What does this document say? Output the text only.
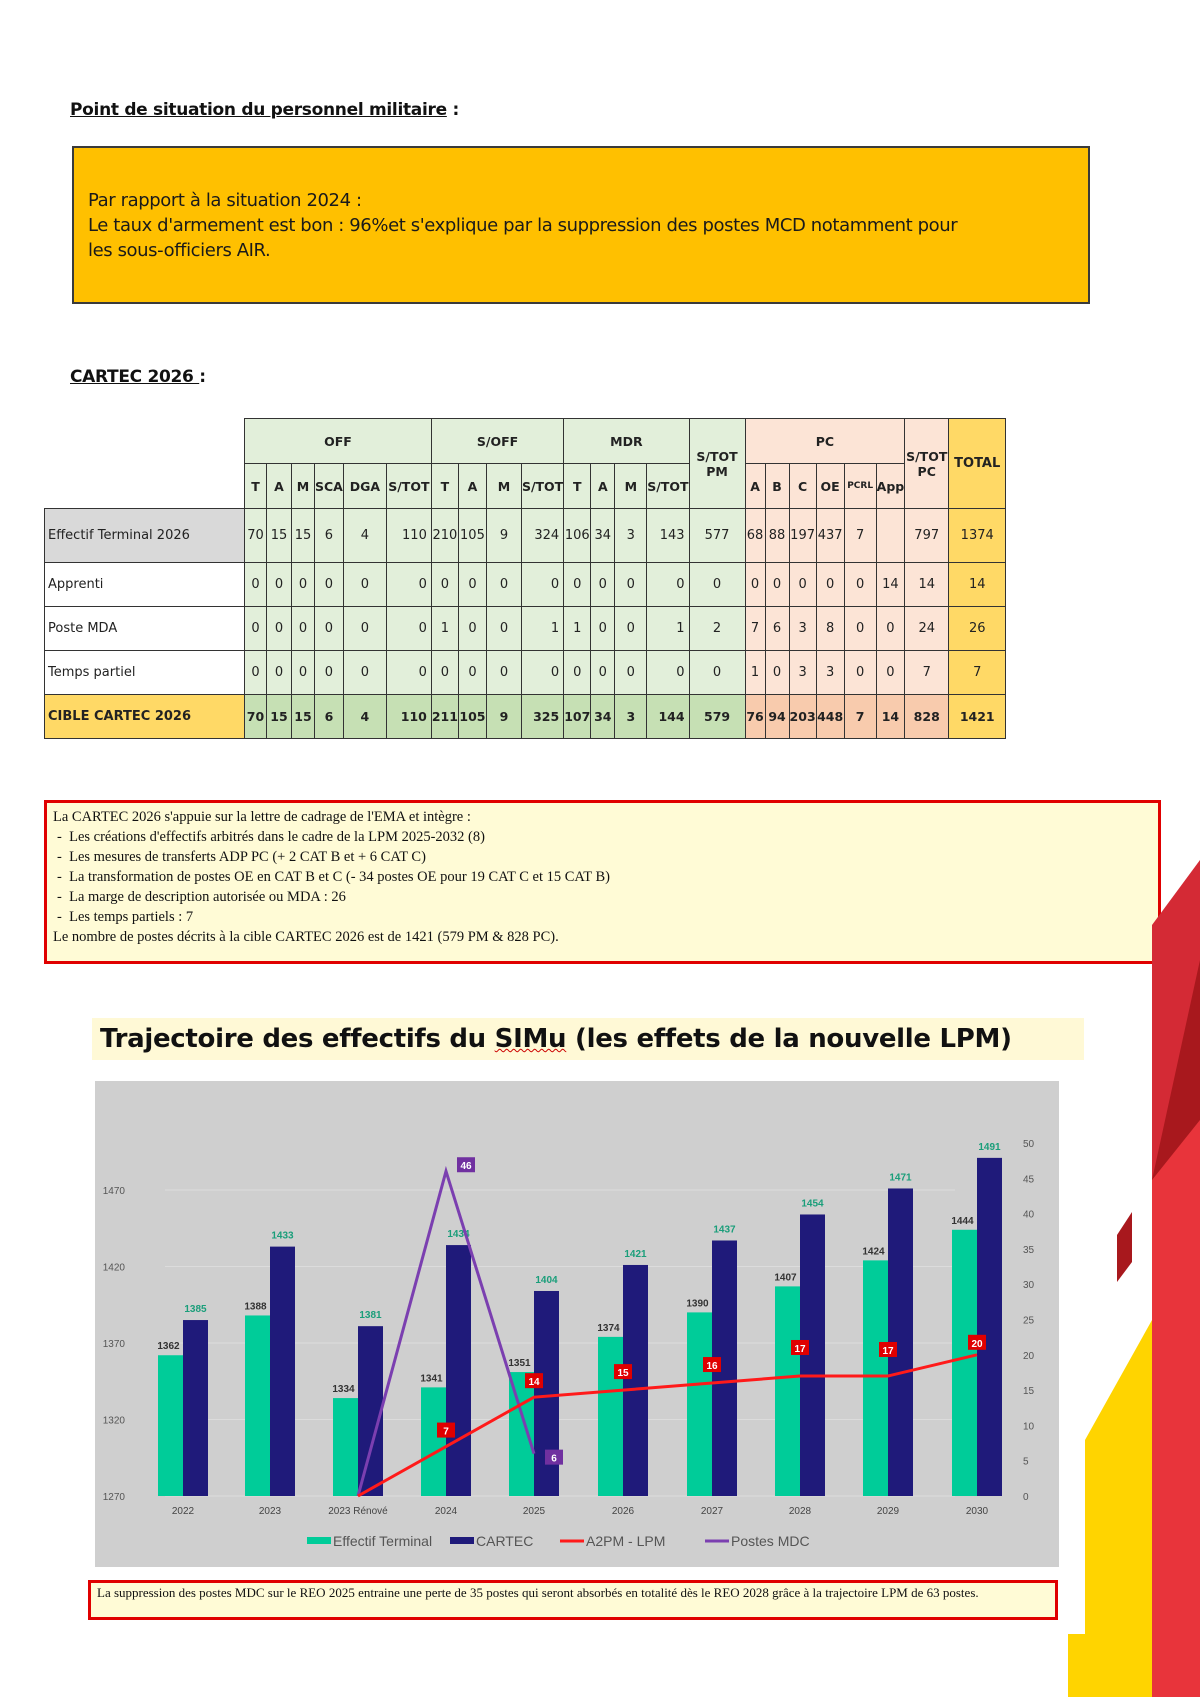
Point de situation du personnel militaire :
Par rapport à la situation 2024 :
Le taux d'armement est bon : 96%et s'explique par la suppression des postes MCD notamment pour
les sous-officiers AIR.
CARTEC 2026 :
	OFF						S/OFF				MDR				S/TOT PM	PC						S/TOT PC	TOTAL
	T	A	M	SCA	DGA	S/TOT	T	A	M	S/TOT	T	A	M	S/TOT		A	B	C	OE	PCRL	App		
Effectif Terminal 2026	70	15	15	6	4	110	210	105	9	324	106	34	3	143	577	68	88	197	437	7		797	1374
Apprenti	0	0	0	0	0	0	0	0	0	0	0	0	0	0	0	0	0	0	0	0	14	14	14
Poste MDA	0	0	0	0	0	0	1	0	0	1	1	0	0	1	2	7	6	3	8	0	0	24	26
Temps partiel	0	0	0	0	0	0	0	0	0	0	0	0	0	0	0	1	0	3	3	0	0	7	7
CIBLE CARTEC 2026	70	15	15	6	4	110	211	105	9	325	107	34	3	144	579	76	94	203	448	7	14	828	1421
La CARTEC 2026 s'appuie sur la lettre de cadrage de l'EMA et intègre :
-  Les créations d'effectifs arbitrés dans le cadre de la LPM 2025-2032 (8)
-  Les mesures de transferts ADP PC (+ 2 CAT B et + 6 CAT C)
-  La transformation de postes OE en CAT B et C (- 34 postes OE pour 19 CAT C et 15 CAT B)
-  La marge de description autorisée ou MDA : 26
-  Les temps partiels : 7
Le nombre de postes décrits à la cible CARTEC 2026 est de 1421 (579 PM & 828 PC).
Trajectoire des effectifs du SIMu (les effets de la nouvelle LPM)
1270
1320
1370
1420
1470
0
5
10
15
20
25
30
35
40
45
50
1362
1385
2022
1388
1433
2023
1334
1381
2023 Rénové
1341
1434
2024
1351
1404
2025
1374
1421
2026
1390
1437
2027
1407
1454
2028
1424
1471
2029
1444
1491
2030
7
14
15
16
17	17
20
46
6
Effectif Terminal	CARTEC	A2PM - LPM	Postes MDC
La suppression des postes MDC sur le REO 2025 entraine une perte de 35 postes qui seront absorbés en totalité dès le REO 2028 grâce à la trajectoire LPM de 63 postes.
